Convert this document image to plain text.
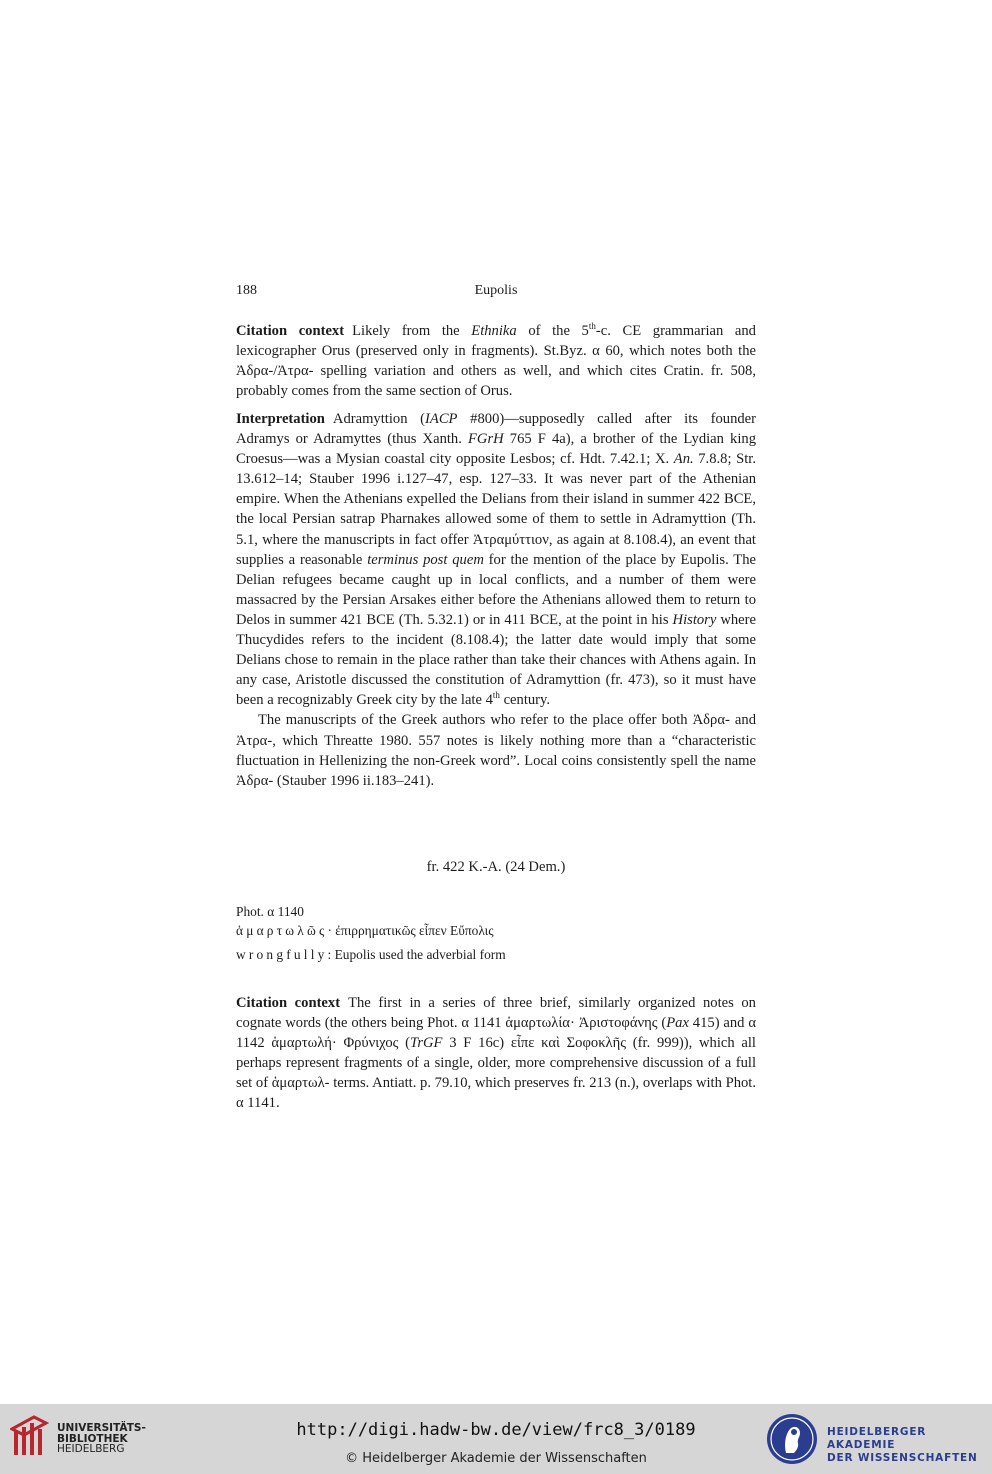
188	Eupolis

Citation context Likely from the Ethnika of the 5th-c. CE grammarian and lexicographer Orus (preserved only in fragments). St.Byz. α 60, which notes both the Ἀδρα-/Ἀτρα- spelling variation and others as well, and which cites Cratin. fr. 508, probably comes from the same section of Orus.

Interpretation Adramyttion (IACP #800)—supposedly called after its founder Adramys or Adramyttes (thus Xanth. FGrH 765 F 4a), a brother of the Lydian king Croesus—was a Mysian coastal city opposite Lesbos; cf. Hdt. 7.42.1; X. An. 7.8.8; Str. 13.612–14; Stauber 1996 i.127–47, esp. 127–33. It was never part of the Athenian empire. When the Athenians expelled the Delians from their island in summer 422 BCE, the local Persian satrap Pharnakes allowed some of them to settle in Adramyttion (Th. 5.1, where the manuscripts in fact offer Ἀτραμύττιον, as again at 8.108.4), an event that supplies a reasonable terminus post quem for the mention of the place by Eupolis. The Delian refugees became caught up in local conflicts, and a number of them were massacred by the Persian Arsakes either before the Athenians allowed them to return to Delos in summer 421 BCE (Th. 5.32.1) or in 411 BCE, at the point in his History where Thucydides refers to the incident (8.108.4); the latter date would imply that some Delians chose to remain in the place rather than take their chances with Athens again. In any case, Aristotle discussed the constitution of Adramyttion (fr. 473), so it must have been a recognizably Greek city by the late 4th century.

The manuscripts of the Greek authors who refer to the place offer both Ἀδρα- and Ἀτρα-, which Threatte 1980. 557 notes is likely nothing more than a “characteristic fluctuation in Hellenizing the non-Greek word”. Local coins consistently spell the name Ἀδρα- (Stauber 1996 ii.183–241).

fr. 422 K.-A. (24 Dem.)
Phot. α 1140
ἁμαρτωλῶς· ἐπιρρηματικῶς εἶπεν Εὔπολις
wrongfully: Eupolis used the adverbial form

Citation context The first in a series of three brief, similarly organized notes on cognate words (the others being Phot. α 1141 ἁμαρτωλία· Ἀριστοφάνης (Pax 415) and α 1142 ἁμαρτωλή· Φρύνιχος (TrGF 3 F 16c) εἶπε καὶ Σοφοκλῆς (fr. 999)), which all perhaps represent fragments of a single, older, more comprehensive discussion of a full set of ἁμαρτωλ- terms. Antiatt. p. 79.10, which preserves fr. 213 (n.), overlaps with Phot. α 1141.

UNIVERSITÄTS-
BIBLIOTHEK
HEIDELBERG
http://digi.hadw-bw.de/view/frc8_3/0189
© Heidelberger Akademie der Wissenschaften
HEIDELBERGER AKADEMIE
DER WISSENSCHAFTEN
